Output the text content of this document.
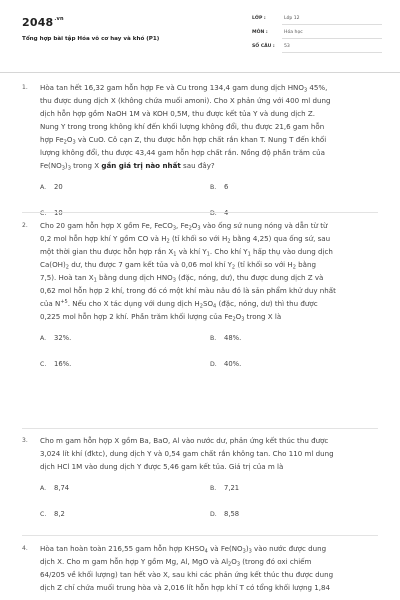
$2048^{.vn}$
Tổng hợp bài tập Hóa vô cơ hay và khó (P1)
LỚP :	Lớp 12
MÔN :	Hóa học
SỐ CÂU : 53
1. Hòa tan hết 16,32 gam hỗn hợp Fe và Cu trong 134,4 gam dung dịch $HNO_3$ 45%,
thu được dung dịch X (không chứa muối amoni). Cho X phản ứng với 400 ml dung
dịch hỗn hợp gồm NaOH 1M và KOH 0,5M, thu được kết tủa Y và dung dịch Z.
Nung Y trong trong không khí đến khối lượng không đổi, thu được 21,6 gam hỗn
hợp $Fe_2O_3$ và CuO. Cô cạn Z, thu được hỗn hợp chất rắn khan T. Nung T đến khối
lượng không đổi, thu được 43,44 gam hỗn hợp chất rắn. Nồng độ phần trăm của
$Fe(NO_3)_3$ trong X gần giá trị nào nhất sau đây?
A. 20	B. 6
C. 10	D. 4
2. Cho 20 gam hỗn hợp X gồm Fe, FeCO$_3$, $Fe_2O_3$ vào ống sứ nung nóng và dẫn từ từ
0,2 mol hỗn hợp khí Y gồm CO và $H_2$ (tỉ khối so với $H_2$ bằng 4,25) qua ống sứ, sau
một thời gian thu được hỗn hợp rắn $X_1$ và khí $Y_1$. Cho khí $Y_1$ hấp thụ vào dung dịch
$Ca(OH)_2$ dư, thu được 7 gam kết tủa và 0,06 mol khí $Y_2$ (tỉ khối so với $H_2$ bằng
7,5). Hoà $\tan X_1$ bằng dung dịch $HNO_3$ (đặc, nóng, dư), thu được dung dịch Z và
0,62 mol hỗn hợp 2 khí, trong đó có một khí màu nâu đỏ là sản phẩm khử duy nhất
của $N^{+5}$. Nếu cho X tác dụng với dung dịch $H_2SO_4$ (đặc, nóng, dư) thì thu được
0,225 mol hỗn hợp 2 khí. Phần trăm khối lượng của $Fe_2O_3$ trong X là
A. 32%.	B. 48%.
C. 16%.	D. 40%.
3. Cho m gam hỗn hợp X gồm Ba, BaO, Al vào nước dư, phản ứng kết thúc thu được
3,024 lít khí (đktc), dung dịch Y và 0,54 gam chất rắn không tan. Cho 110 ml dung
dịch HCl 1M vào dung dịch Y được 5,46 gam kết tủa. Giá trị của m là
A. 8,74	B. 7,21
C. 8,2	D. 8,58
4. Hòa tan hoàn toàn 216,55 gam hỗn hợp $KHSO_4$ và $Fe(NO_3)_3$ vào nước được dung
dịch X. Cho m gam hỗn hợp Y gồm Mg, Al, MgO và $Al_2O_3$ (trong đó oxi chiếm
64/205 về khối lượng) tan hết vào X, sau khi các phản ứng kết thúc thu được dung
dịch Z chỉ chứa muối trung hòa và 2,016 lít hỗn hợp khí T có tổng khối lượng 1,84
